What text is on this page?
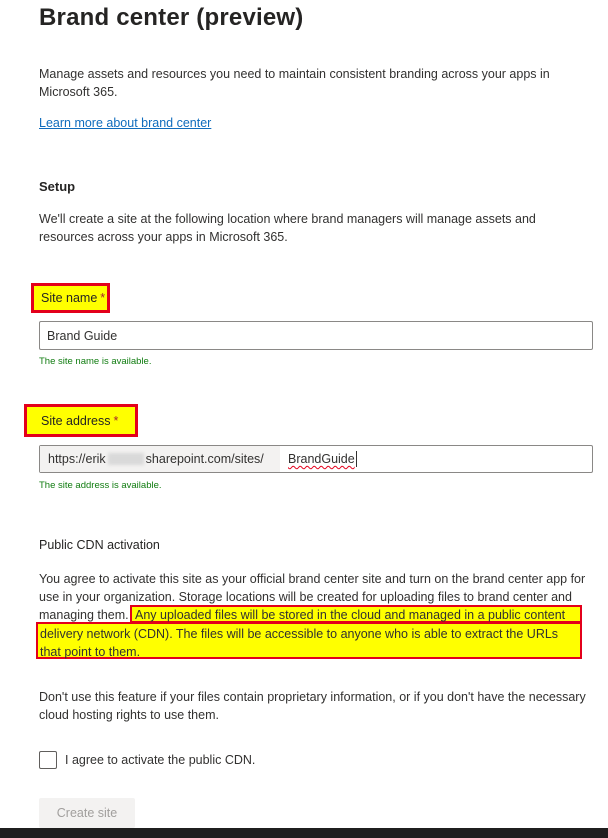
Brand center (preview)
Manage assets and resources you need to maintain consistent branding across your apps in Microsoft 365.
Learn more about brand center
Setup
We'll create a site at the following location where brand managers will manage assets and resources across your apps in Microsoft 365.
Site name *
Brand Guide
The site name is available.
Site address *
https://erik	sharepoint.com/sites/ BrandGuide
The site address is available.
Public CDN activation
You agree to activate this site as your official brand center site and turn on the brand center app for use in your organization. Storage locations will be created for uploading files to brand center and managing them. Any uploaded files will be stored in the cloud and managed in a public content
delivery network (CDN). The files will be accessible to anyone who is able to extract the URLs that point to them.
Don't use this feature if your files contain proprietary information, or if you don't have the necessary cloud hosting rights to use them.
I agree to activate the public CDN.
Create site
